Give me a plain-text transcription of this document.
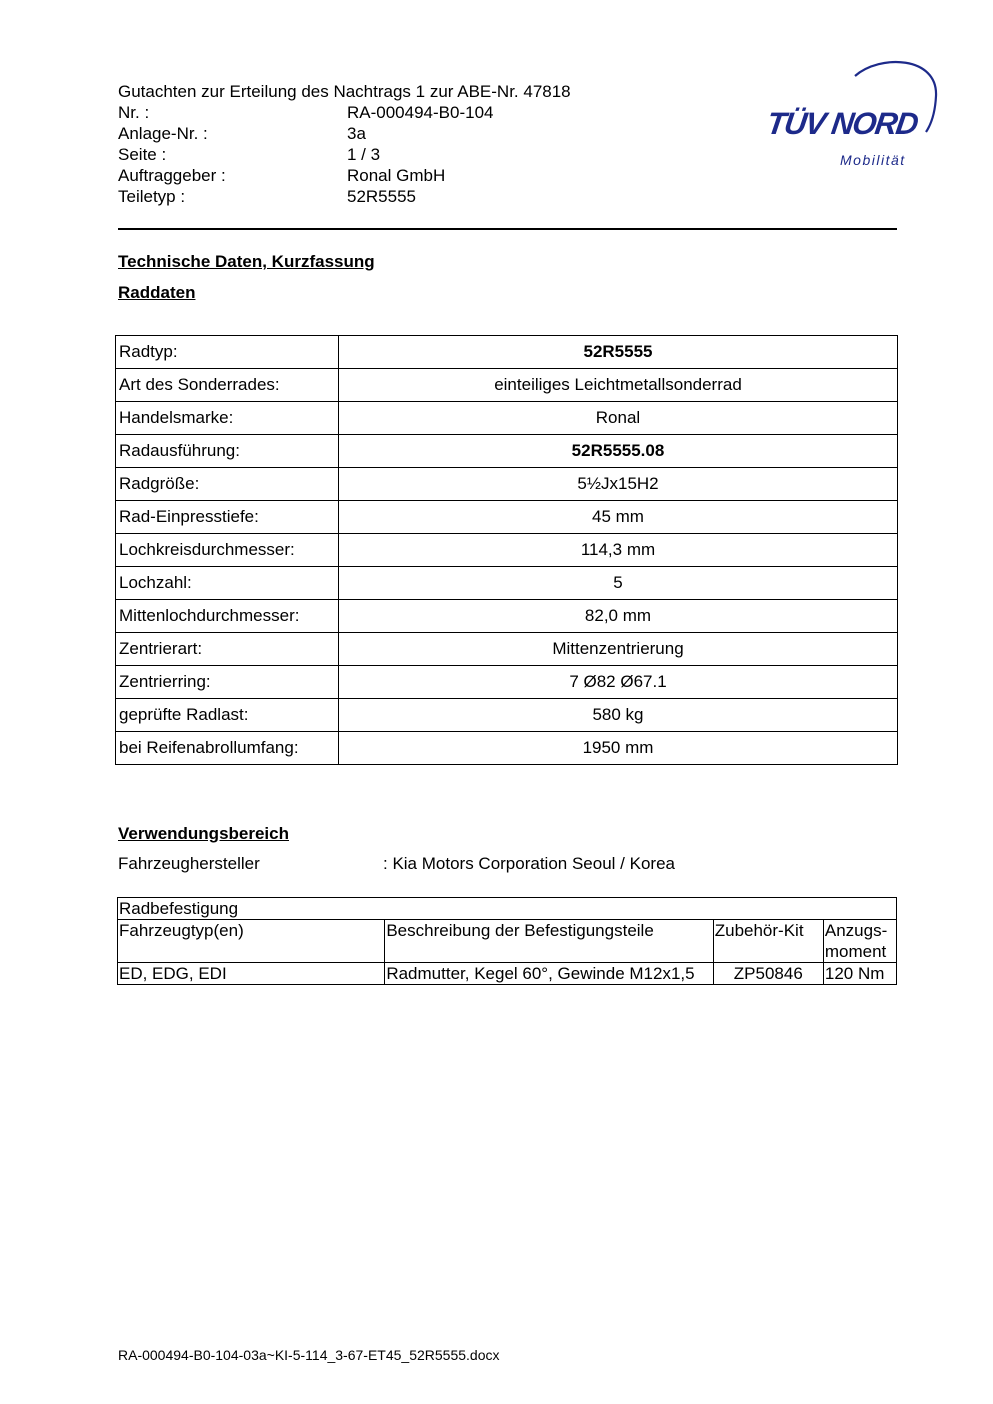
Gutachten zur Erteilung des Nachtrags 1 zur ABE-Nr. 47818
Nr. :	RA-000494-B0-104
Anlage-Nr. :	3a
Seite :	1 / 3
Auftraggeber :	Ronal GmbH
Teiletyp :	52R5555
TÜV NORD
Mobilität
Technische Daten, Kurzfassung
Raddaten
Radtyp:	52R5555
Art des Sonderrades:	einteiliges Leichtmetallsonderrad
Handelsmarke:	Ronal
Radausführung:	52R5555.08
Radgröße:	5½Jx15H2
Rad-Einpresstiefe:	45 mm
Lochkreisdurchmesser:	114,3 mm
Lochzahl:	5
Mittenlochdurchmesser:	82,0 mm
Zentrierart:	Mittenzentrierung
Zentrierring:	7 Ø82 Ø67.1
geprüfte Radlast:	580 kg
bei Reifenabrollumfang:	1950 mm
Verwendungsbereich
Fahrzeughersteller	: Kia Motors Corporation Seoul / Korea
Radbefestigung			
Fahrzeugtyp(en)	Beschreibung der Befestigungsteile	Zubehör-Kit	Anzugs-moment
ED, EDG, EDI	Radmutter, Kegel 60°, Gewinde M12x1,5	ZP50846	120 Nm
RA-000494-B0-104-03a~KI-5-114_3-67-ET45_52R5555.docx
